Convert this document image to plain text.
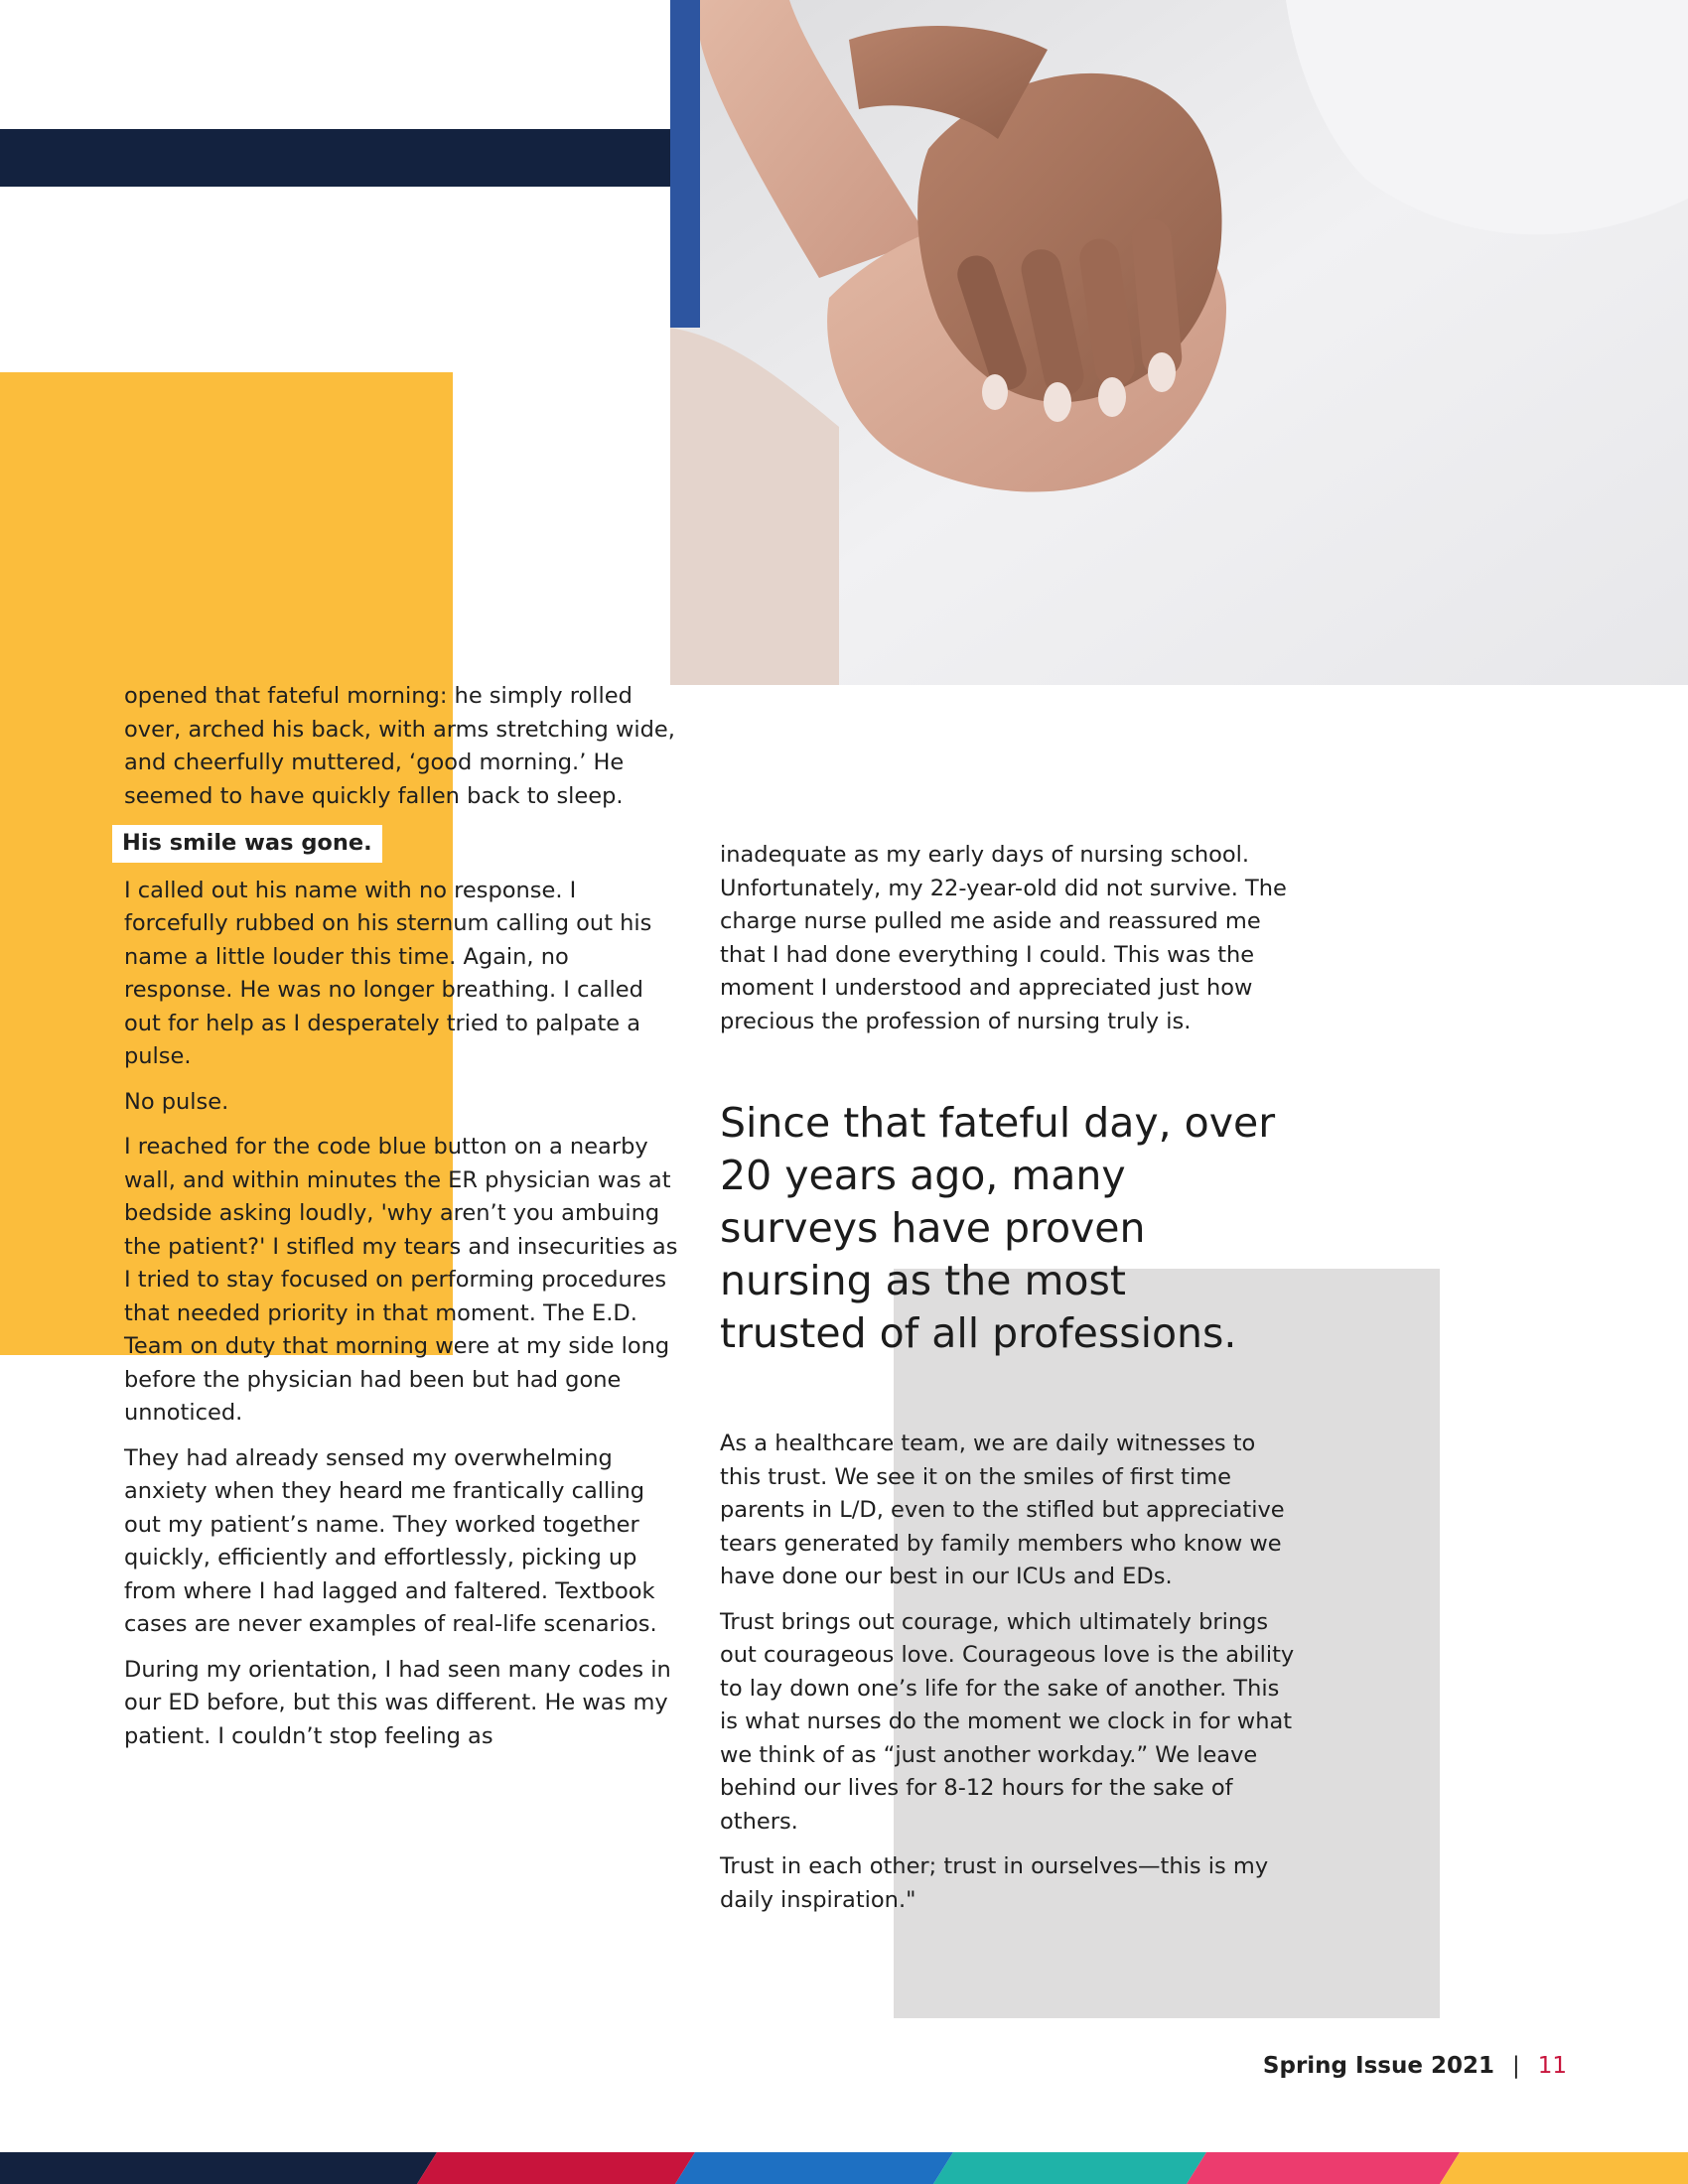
opened that fateful morning: he simply rolled over, arched his back, with arms stretching wide, and cheerfully muttered, ‘good morning.’ He seemed to have quickly fallen back to sleep.

His smile was gone.

I called out his name with no response. I forcefully rubbed on his sternum calling out his name a little louder this time. Again, no response. He was no longer breathing. I called out for help as I desperately tried to palpate a pulse.

No pulse.

I reached for the code blue button on a nearby wall, and within minutes the ER physician was at bedside asking loudly, 'why aren’t you ambuing the patient?' I stifled my tears and insecurities as I tried to stay focused on performing procedures that needed priority in that moment. The E.D. Team on duty that morning were at my side long before the physician had been but had gone unnoticed.

They had already sensed my overwhelming anxiety when they heard me frantically calling out my patient’s name. They worked together quickly, efficiently and effortlessly, picking up from where I had lagged and faltered. Textbook cases are never examples of real-life scenarios.

During my orientation, I had seen many codes in our ED before, but this was different. He was my patient. I couldn’t stop feeling as

inadequate as my early days of nursing school. Unfortunately, my 22-year-old did not survive. The charge nurse pulled me aside and reassured me that I had done everything I could. This was the moment I understood and appreciated just how precious the profession of nursing truly is.

Since that fateful day, over 20 years ago, many surveys have proven nursing as the most trusted of all professions.

As a healthcare team, we are daily witnesses to this trust. We see it on the smiles of first time parents in L/D, even to the stifled but appreciative tears generated by family members who know we have done our best in our ICUs and EDs.

Trust brings out courage, which ultimately brings out courageous love. Courageous love is the ability to lay down one’s life for the sake of another. This is what nurses do the moment we clock in for what we think of as “just another workday.” We leave behind our lives for 8-12 hours for the sake of others.

Trust in each other; trust in ourselves—this is my daily inspiration."

Spring Issue 2021 | 11
